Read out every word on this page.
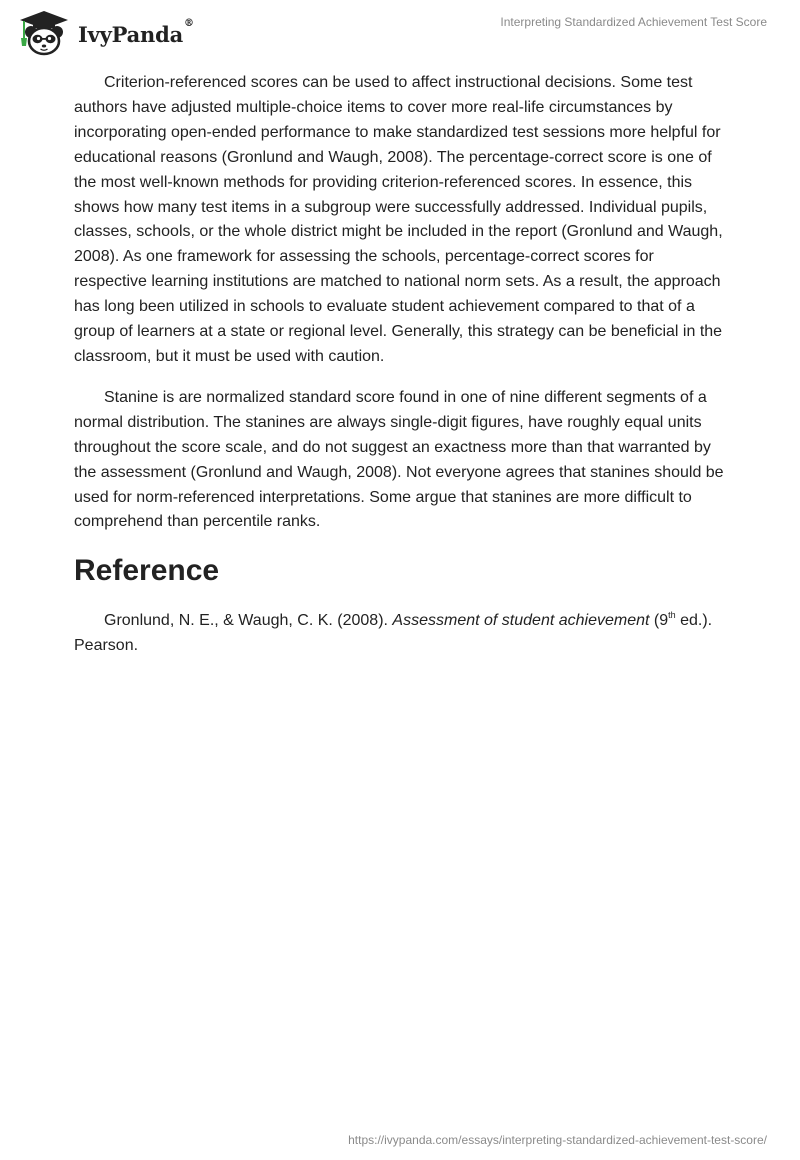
IvyPanda®	Interpreting Standardized Achievement Test Score

Criterion-referenced scores can be used to affect instructional decisions. Some test authors have adjusted multiple-choice items to cover more real-life circumstances by incorporating open-ended performance to make standardized test sessions more helpful for educational reasons (Gronlund and Waugh, 2008). The percentage-correct score is one of the most well-known methods for providing criterion-referenced scores. In essence, this shows how many test items in a subgroup were successfully addressed. Individual pupils, classes, schools, or the whole district might be included in the report (Gronlund and Waugh, 2008). As one framework for assessing the schools, percentage-correct scores for respective learning institutions are matched to national norm sets. As a result, the approach has long been utilized in schools to evaluate student achievement compared to that of a group of learners at a state or regional level. Generally, this strategy can be beneficial in the classroom, but it must be used with caution.

Stanine is are normalized standard score found in one of nine different segments of a normal distribution. The stanines are always single-digit figures, have roughly equal units throughout the score scale, and do not suggest an exactness more than that warranted by the assessment (Gronlund and Waugh, 2008). Not everyone agrees that stanines should be used for norm-referenced interpretations. Some argue that stanines are more difficult to comprehend than percentile ranks.

Reference

Gronlund, N. E., & Waugh, C. K. (2008). Assessment of student achievement (9th ed.). Pearson.

https://ivypanda.com/essays/interpreting-standardized-achievement-test-score/
